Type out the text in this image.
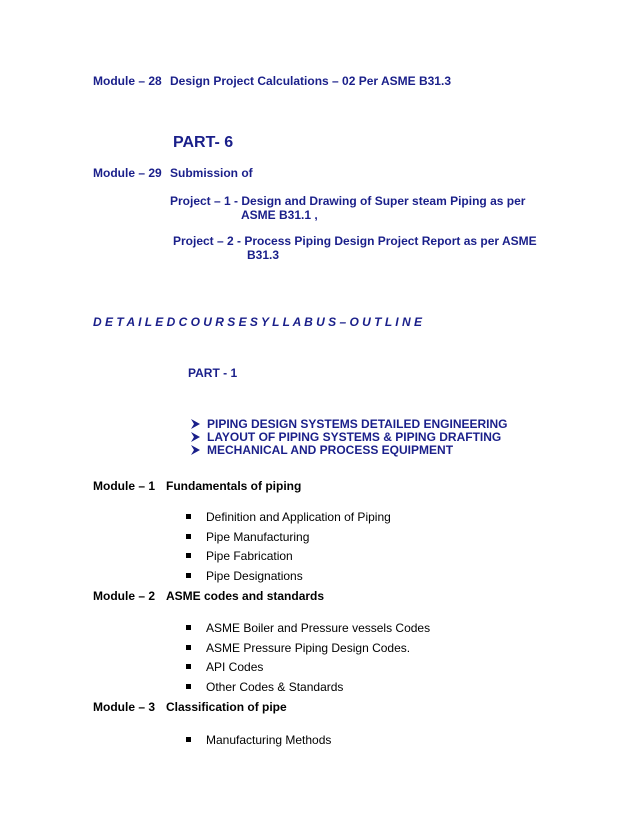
Module – 28 Design Project Calculations – 02 Per ASME B31.3
PART- 6
Module – 29 Submission of
Project – 1 - Design and Drawing of Super steam Piping as per
ASME B31.1 ,
Project – 2 - Process Piping Design Project Report as per ASME
B31.3
D E T A I L E D C O U R S E S Y L L A B U S – O U T L I N E
PART - 1
PIPING DESIGN SYSTEMS DETAILED ENGINEERING
LAYOUT OF PIPING SYSTEMS & PIPING DRAFTING
MECHANICAL AND PROCESS EQUIPMENT
Module – 1 Fundamentals of piping
Definition and Application of Piping
Pipe Manufacturing
Pipe Fabrication
Pipe Designations
Module – 2 ASME codes and standards
ASME Boiler and Pressure vessels Codes
ASME Pressure Piping Design Codes.
API Codes
Other Codes & Standards
Module – 3 Classification of pipe
Manufacturing Methods
